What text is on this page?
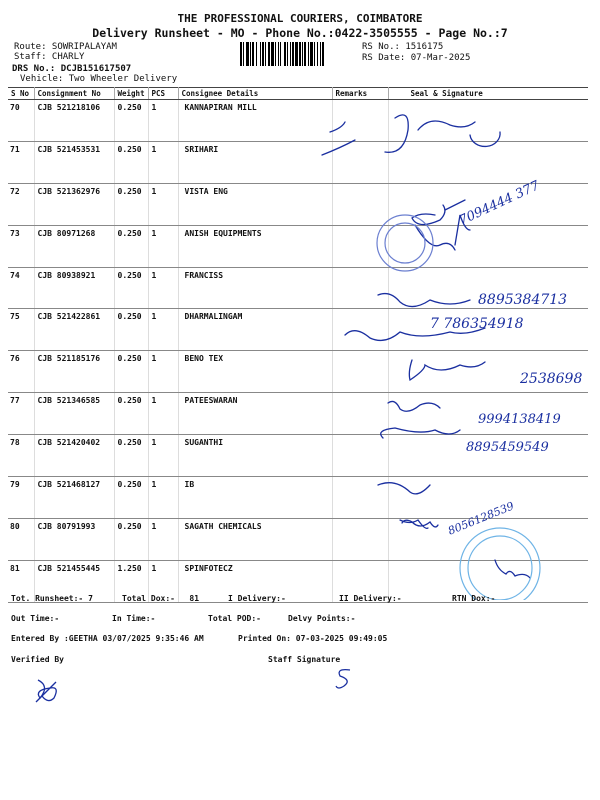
THE PROFESSIONAL COURIERS, COIMBATORE
Delivery Runsheet - MO - Phone No.:0422-3505555 - Page No.:7
Route: SOWRIPALAYAM
Staff: CHARLY
DRS No.: DCJB151617507
Vehicle: Two Wheeler Delivery
RS No.: 1516175
RS Date: 07-Mar-2025
S No	Consignment No	Weight	PCS	Consignee Details	Remarks	Seal & Signature
70	CJB 521218106	0.250	1	KANNAPIRAN MILL		
71	CJB 521453531	0.250	1	SRIHARI		
72	CJB 521362976	0.250	1	VISTA ENG		
73	CJB 80971268	0.250	1	ANISH EQUIPMENTS		
74	CJB 80938921	0.250	1	FRANCISS		
75	CJB 521422861	0.250	1	DHARMALINGAM		
76	CJB 521185176	0.250	1	BENO TEX		
77	CJB 521346585	0.250	1	PATEESWARAN		
78	CJB 521420402	0.250	1	SUGANTHI		
79	CJB 521468127	0.250	1	IB		
80	CJB 80791993	0.250	1	SAGATH CHEMICALS		
81	CJB 521455445	1.250	1	SPINFOTECZ		
7094444 377
8895384713
7 786354918
2538698
9994138419
8895459549
8056128539
Tot. Runsheet:- 7	Total Dox:-   81	I Delivery:-	II Delivery:-	RTN Dox:-
Out Time:-	In Time:-	Total POD:-	Delvy Points:-
Entered By :GEETHA 03/07/2025 9:35:46 AM	Printed On: 07-03-2025 09:49:05
Verified By	Staff Signature
